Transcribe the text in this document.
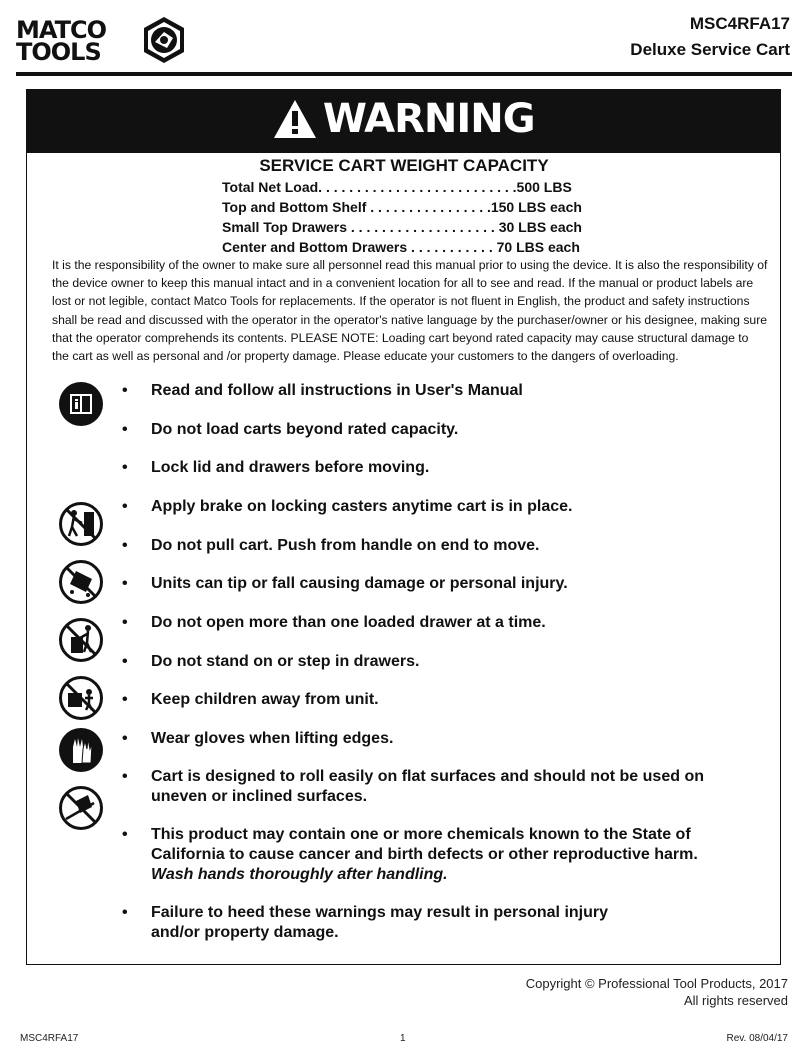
MATCO
TOOLS
MSC4RFA17
Deluxe Service Cart
WARNING
SERVICE CART WEIGHT CAPACITY
Total Net Load. . . . . . . . . . . . . . . . . . . . . . . . . .500 LBS
Top and Bottom Shelf . . . . . . . . . . . . . . . .150 LBS each
Small Top Drawers . . . . . . . . . . . . . . . . . . . 30 LBS each
Center and Bottom Drawers . . . . . . . . . . . 70 LBS each
It is the responsibility of the owner to make sure all personnel read this manual prior to using the device. It is also the responsibility of the device owner to keep this manual intact and in a convenient location for all to see and read. If the manual or product labels are lost or not legible, contact Matco Tools for replacements. If the operator is not fluent in English, the product and safety instructions shall be read and discussed with the operator in the operator's native language by the purchaser/owner or his designee, making sure that the operator comprehends its contents. PLEASE NOTE: Loading cart beyond rated capacity may cause structural damage to the cart as well as personal and /or property damage. Please educate your customers to the dangers of overloading.
• Read and follow all instructions in User's Manual
• Do not load carts beyond rated capacity.
• Lock lid and drawers before moving.
• Apply brake on locking casters anytime cart is in place.
• Do not pull cart. Push from handle on end to move.
• Units can tip or fall causing damage or personal injury.
• Do not open more than one loaded drawer at a time.
• Do not stand on or step in drawers.
• Keep children away from unit.
• Wear gloves when lifting edges.
• Cart is designed to roll easily on flat surfaces and should not be used on uneven or inclined surfaces.
• This product may contain one or more chemicals known to the State of California to cause cancer and birth defects or other reproductive harm.
Wash hands thoroughly after handling.
• Failure to heed these warnings may result in personal injury and/or property damage.
Copyright © Professional Tool Products, 2017
All rights reserved
MSC4RFA17	1	Rev. 08/04/17
